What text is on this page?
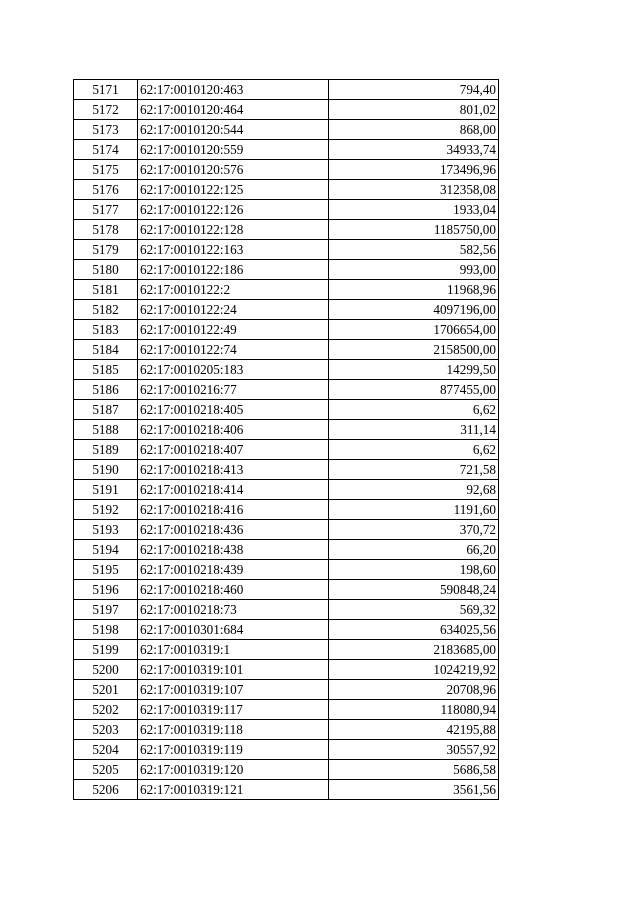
5171	62:17:0010120:463	794,40
5172	62:17:0010120:464	801,02
5173	62:17:0010120:544	868,00
5174	62:17:0010120:559	34933,74
5175	62:17:0010120:576	173496,96
5176	62:17:0010122:125	312358,08
5177	62:17:0010122:126	1933,04
5178	62:17:0010122:128	1185750,00
5179	62:17:0010122:163	582,56
5180	62:17:0010122:186	993,00
5181	62:17:0010122:2	11968,96
5182	62:17:0010122:24	4097196,00
5183	62:17:0010122:49	1706654,00
5184	62:17:0010122:74	2158500,00
5185	62:17:0010205:183	14299,50
5186	62:17:0010216:77	877455,00
5187	62:17:0010218:405	6,62
5188	62:17:0010218:406	311,14
5189	62:17:0010218:407	6,62
5190	62:17:0010218:413	721,58
5191	62:17:0010218:414	92,68
5192	62:17:0010218:416	1191,60
5193	62:17:0010218:436	370,72
5194	62:17:0010218:438	66,20
5195	62:17:0010218:439	198,60
5196	62:17:0010218:460	590848,24
5197	62:17:0010218:73	569,32
5198	62:17:0010301:684	634025,56
5199	62:17:0010319:1	2183685,00
5200	62:17:0010319:101	1024219,92
5201	62:17:0010319:107	20708,96
5202	62:17:0010319:117	118080,94
5203	62:17:0010319:118	42195,88
5204	62:17:0010319:119	30557,92
5205	62:17:0010319:120	5686,58
5206	62:17:0010319:121	3561,56
